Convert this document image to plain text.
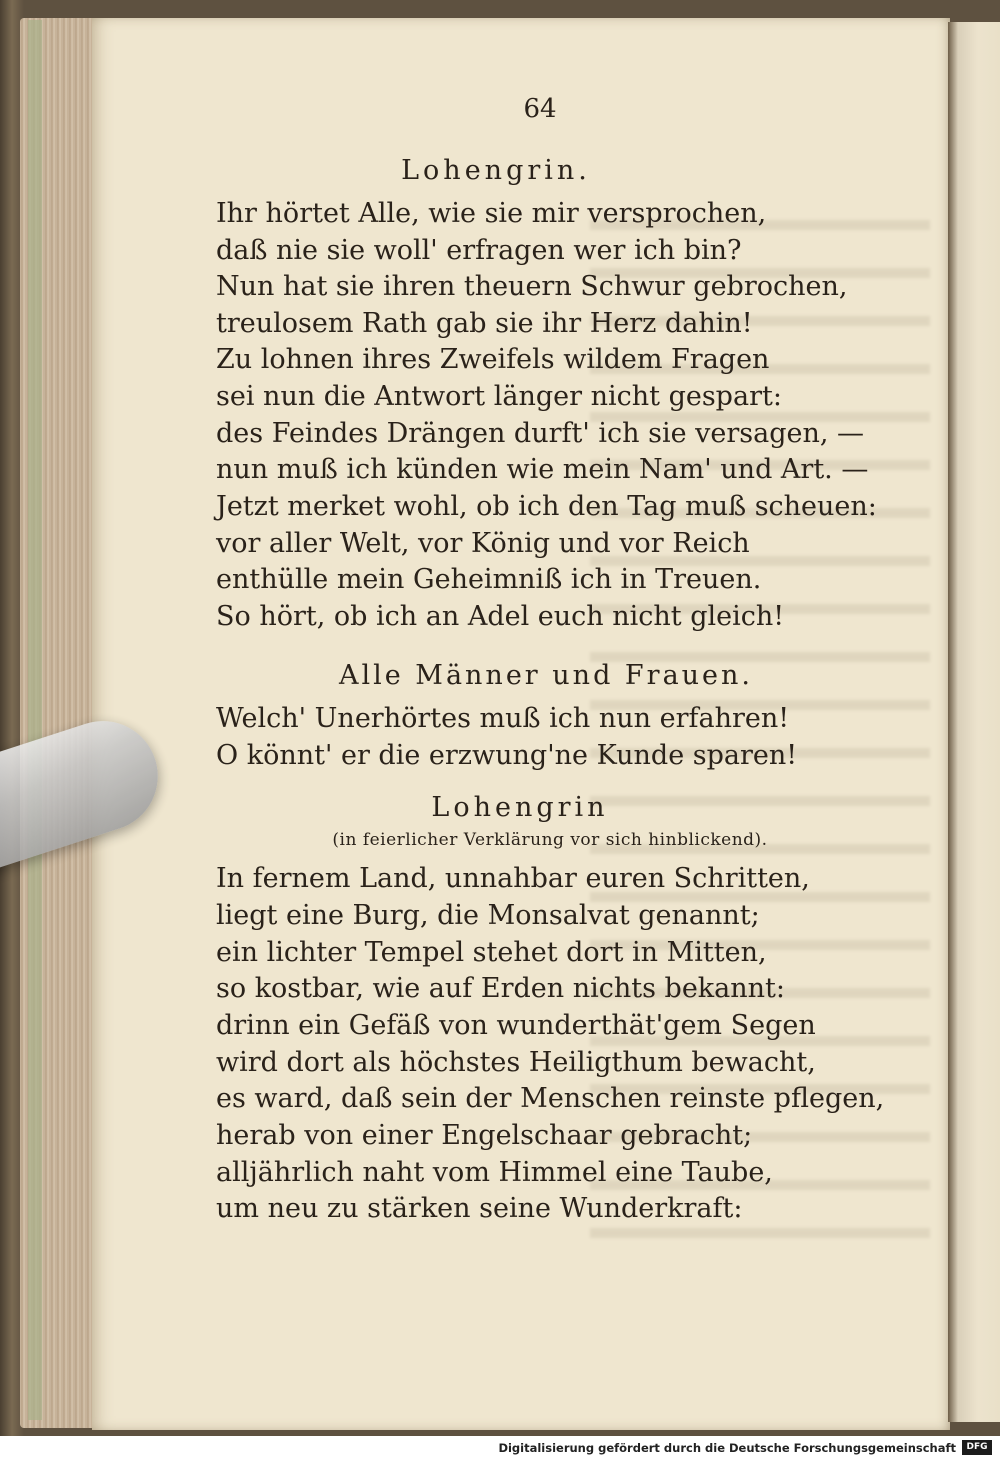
64
Lohengrin.
Ihr hörtet Alle, wie sie mir versprochen,
daß nie sie woll' erfragen wer ich bin?
Nun hat sie ihren theuern Schwur gebrochen,
treulosem Rath gab sie ihr Herz dahin!
Zu lohnen ihres Zweifels wildem Fragen
sei nun die Antwort länger nicht gespart:
des Feindes Drängen durft' ich sie versagen, —
nun muß ich künden wie mein Nam' und Art. —
Jetzt merket wohl, ob ich den Tag muß scheuen:
vor aller Welt, vor König und vor Reich
enthülle mein Geheimniß ich in Treuen.
So hört, ob ich an Adel euch nicht gleich!
Alle Männer und Frauen.
Welch' Unerhörtes muß ich nun erfahren!
O könnt' er die erzwung'ne Kunde sparen!
Lohengrin
(in feierlicher Verklärung vor sich hinblickend).
In fernem Land, unnahbar euren Schritten,
liegt eine Burg, die Monsalvat genannt;
ein lichter Tempel stehet dort in Mitten,
so kostbar, wie auf Erden nichts bekannt:
drinn ein Gefäß von wunderthät'gem Segen
wird dort als höchstes Heiligthum bewacht,
es ward, daß sein der Menschen reinste pflegen,
herab von einer Engelschaar gebracht;
alljährlich naht vom Himmel eine Taube,
um neu zu stärken seine Wunderkraft:
Digitalisierung gefördert durch die Deutsche Forschungsgemeinschaft	DFG
